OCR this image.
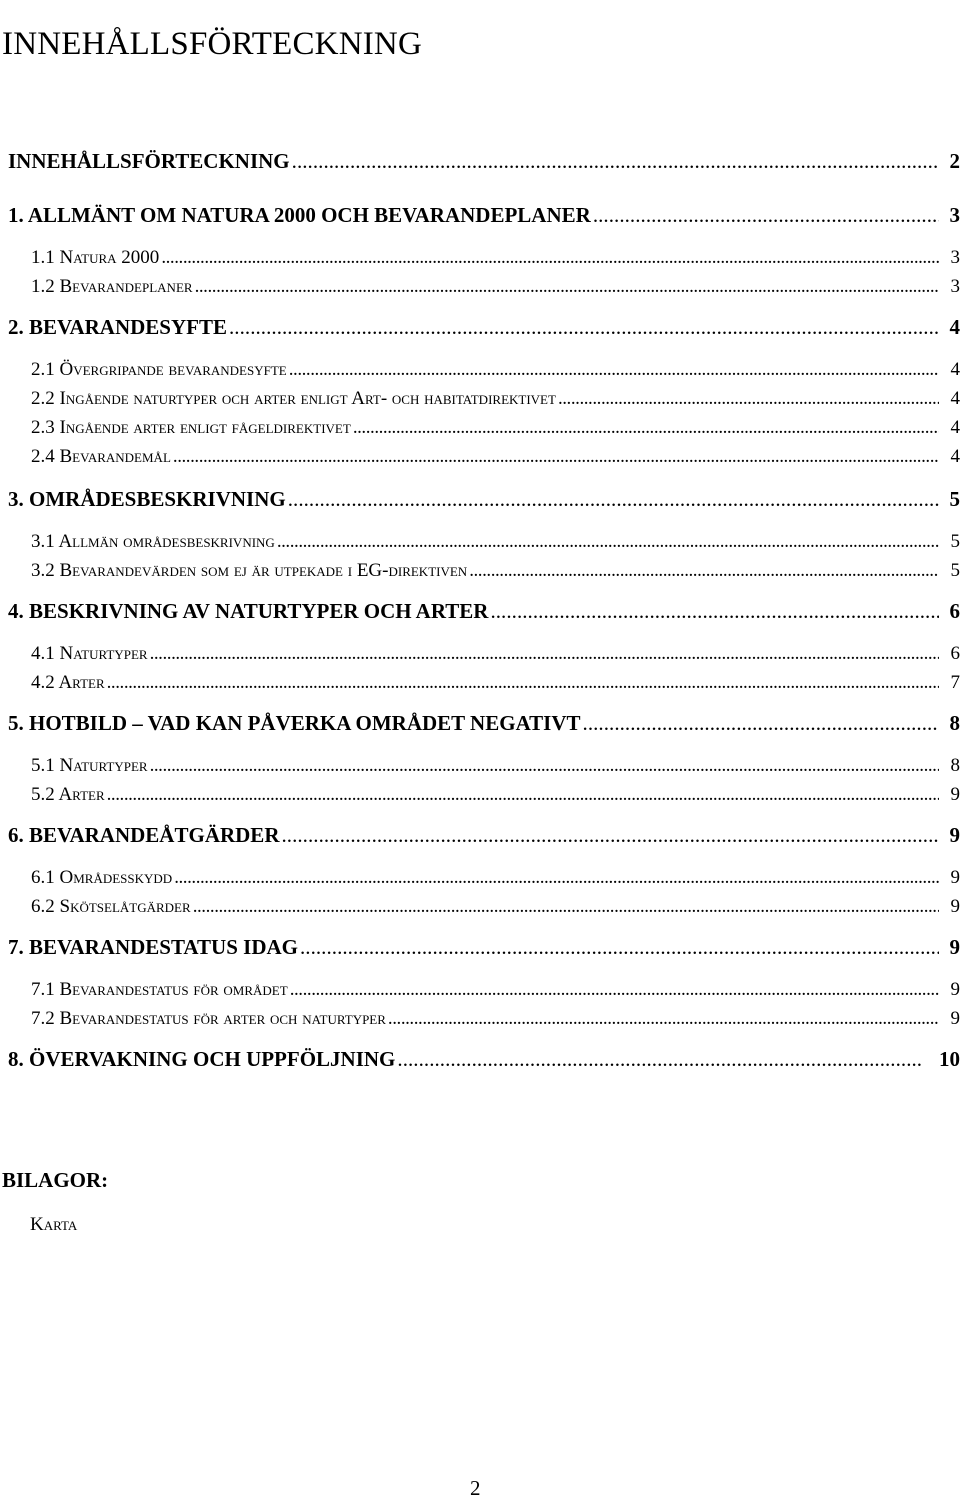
INNEHÅLLSFÖRTECKNING
INNEHÅLLSFÖRTECKNING . . .	2
1. ALLMÄNT OM NATURA 2000 OCH BEVARANDEPLANER . . .	3
1.1 Natura 2000 . . .	3
1.2 Bevarandeplaner . . .	3
2. BEVARANDESYFTE . . .	4
2.1 Övergripande bevarandesyfte . . .	4
2.2 Ingående naturtyper och arter enligt Art- och habitatdirektivet . . .	4
2.3 Ingående arter enligt fågeldirektivet . . .	4
2.4 Bevarandemål . . .	4
3. OMRÅDESBESKRIVNING . . .	5
3.1 Allmän områdesbeskrivning . . .	5
3.2 Bevarandevärden som ej är utpekade i EG-direktiven . . .	5
4. BESKRIVNING AV NATURTYPER OCH ARTER . . .	6
4.1 Naturtyper . . .	6
4.2 Arter . . .	7
5. HOTBILD – VAD KAN PÅVERKA OMRÅDET NEGATIVT . . .	8
5.1 Naturtyper . . .	8
5.2 Arter . . .	9
6. BEVARANDEÅTGÄRDER . . .	9
6.1 Områdesskydd . . .	9
6.2 Skötselåtgärder . . .	9
7. BEVARANDESTATUS IDAG . . .	9
7.1 Bevarandestatus för området . . .	9
7.2 Bevarandestatus för arter och naturtyper . . .	9
8. ÖVERVAKNING OCH UPPFÖLJNING . . .	10
BILAGOR:
Karta
2
